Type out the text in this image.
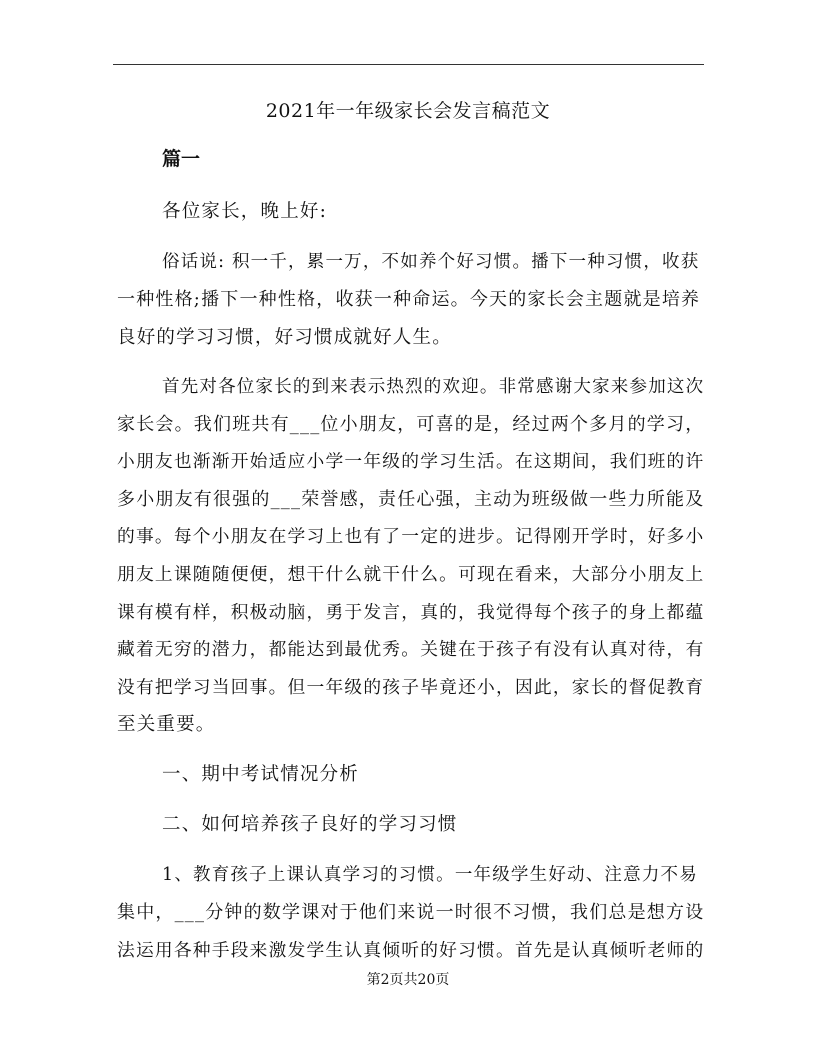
2021年一年级家长会发言稿范文
篇一
各位家长，晚上好:
俗话说: 积一千，累一万，不如养个好习惯。播下一种习惯，收获
一种性格;播下一种性格，收获一种命运。今天的家长会主题就是培养
良好的学习习惯，好习惯成就好人生。
首先对各位家长的到来表示热烈的欢迎。非常感谢大家来参加这次
家长会。我们班共有___位小朋友，可喜的是，经过两个多月的学习，
小朋友也渐渐开始适应小学一年级的学习生活。在这期间，我们班的许
多小朋友有很强的___荣誉感，责任心强，主动为班级做一些力所能及
的事。每个小朋友在学习上也有了一定的进步。记得刚开学时，好多小
朋友上课随随便便，想干什么就干什么。可现在看来，大部分小朋友上
课有模有样，积极动脑，勇于发言，真的，我觉得每个孩子的身上都蕴
藏着无穷的潜力，都能达到最优秀。关键在于孩子有没有认真对待，有
没有把学习当回事。但一年级的孩子毕竟还小，因此，家长的督促教育
至关重要。
一、期中考试情况分析
二、如何培养孩子良好的学习习惯
1、教育孩子上课认真学习的习惯。一年级学生好动、注意力不易
集中，___分钟的数学课对于他们来说一时很不习惯，我们总是想方设
法运用各种手段来激发学生认真倾听的好习惯。首先是认真倾听老师的
第2页共20页
